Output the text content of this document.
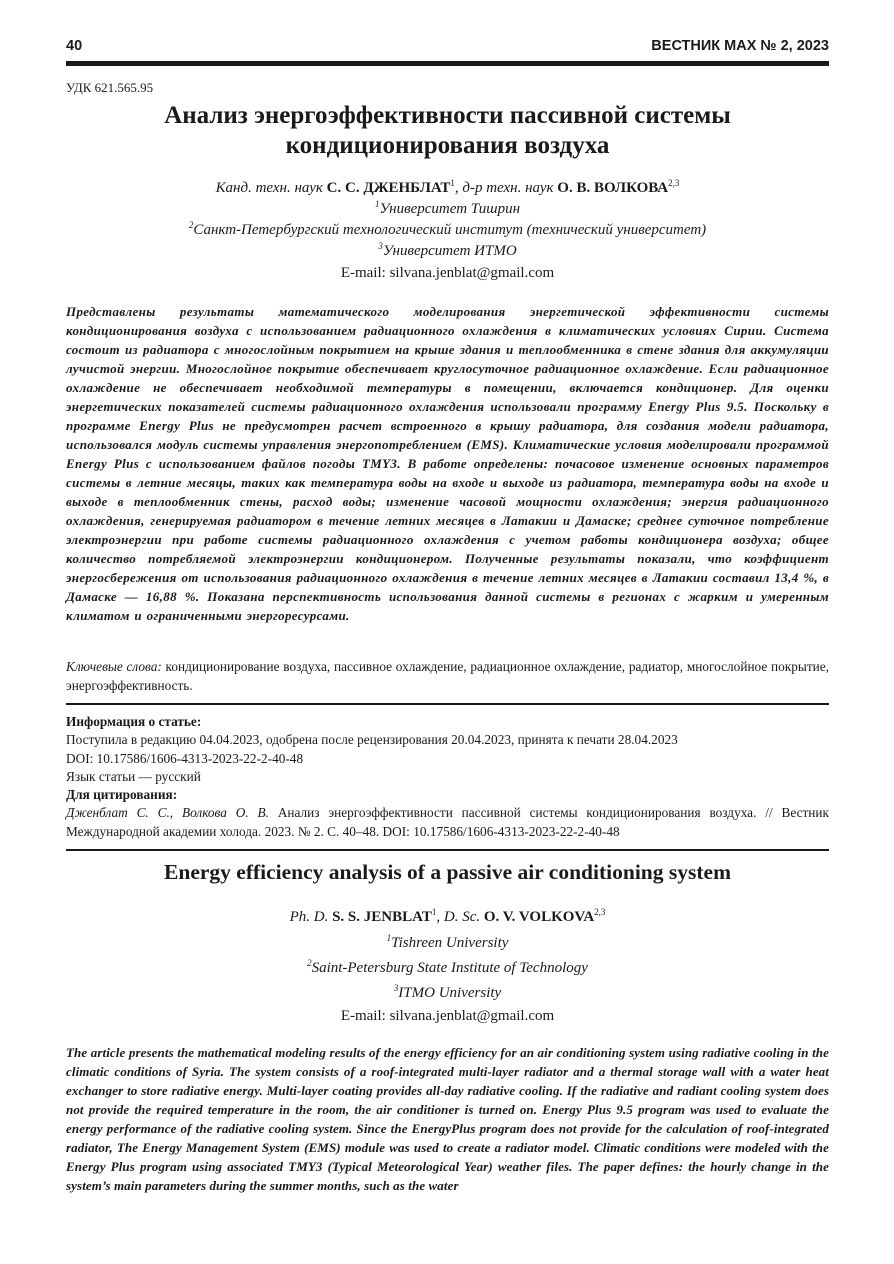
40	ВЕСТНИК МАХ № 2, 2023
УДК 621.565.95
Анализ энергоэффективности пассивной системы
кондиционирования воздуха
Канд. техн. наук С. С. ДЖЕНБЛАТ$^1$, д-р техн. наук О. В. ВОЛКОВА$^{2,3}$
$^1$Университет Тишрин
$^2$Санкт-Петербургский технологический институт (технический университет)
$^3$Университет ИТМО
E-mail: silvana.jenblat@gmail.com
Представлены результаты математического моделирования энергетической эффективности системы кондиционирования воздуха с использованием радиационного охлаждения в климатических условиях Сирии. Система состоит из радиатора с многослойным покрытием на крыше здания и теплообменника в стене здания для аккумуляции лучистой энергии. Многослойное покрытие обеспечивает круглосуточное радиационное охлаждение. Если радиационное охлаждение не обеспечивает необходимой температуры в помещении, включается кондиционер. Для оценки энергетических показателей системы радиационного охлаждения использовали программу Energy Plus 9.5. Поскольку в программе Energy Plus не предусмотрен расчет встроенного в крышу радиатора, для создания модели радиатора, использовался модуль системы управления энергопотреблением (EMS). Климатические условия моделировали программой Energy Plus с использованием файлов погоды TMY3. В работе определены: почасовое изменение основных параметров системы в летние месяцы, таких как температура воды на входе и выходе из радиатора, температура воды на входе и выходе в теплообменник стены, расход воды; изменение часовой мощности охлаждения; энергия радиационного охлаждения, генерируемая радиатором в течение летних месяцев в Латакии и Дамаске; среднее суточное потребление электроэнергии при работе системы радиационного охлаждения с учетом работы кондиционера воздуха; общее количество потребляемой электроэнергии кондиционером. Полученные результаты показали, что коэффициент энергосбережения от использования радиационного охлаждения в течение летних месяцев в Латакии составил 13,4 %, в Дамаске — 16,88 %. Показана перспективность использования данной системы в регионах с жарким и умеренным климатом и ограниченными энергоресурсами.
Ключевые слова: кондиционирование воздуха, пассивное охлаждение, радиационное охлаждение, радиатор, многослойное покрытие, энергоэффективность.
Информация о статье:
Поступила в редакцию 04.04.2023, одобрена после рецензирования 20.04.2023, принята к печати 28.04.2023
DOI: 10.17586/1606-4313-2023-22-2-40-48
Язык статьи — русский
Для цитирования:
Дженблат С. С., Волкова О. В. Анализ энергоэффективности пассивной системы кондиционирования воздуха. // Вестник Международной академии холода. 2023. № 2. С. 40–48. DOI: 10.17586/1606-4313-2023-22-2-40-48
Energy efficiency analysis of a passive air conditioning system
Ph. D. S. S. JENBLAT$^1$, D. Sc. O. V. VOLKOVA$^{2,3}$
$^1$Tishreen University
$^2$Saint-Petersburg State Institute of Technology
$^3$ITMO University
E-mail: silvana.jenblat@gmail.com
The article presents the mathematical modeling results of the energy efficiency for an air conditioning system using radiative cooling in the climatic conditions of Syria. The system consists of a roof-integrated multi-layer radiator and a thermal storage wall with a water heat exchanger to store radiative energy. Multi-layer coating provides all-day radiative cooling. If the radiative and radiant cooling system does not provide the required temperature in the room, the air conditioner is turned on. Energy Plus 9.5 program was used to evaluate the energy performance of the radiative cooling system. Since the EnergyPlus program does not provide for the calculation of roof-integrated radiator, The Energy Management System (EMS) module was used to create a radiator model. Climatic conditions were modeled with the Energy Plus program using associated TMY3 (Typical Meteorological Year) weather files. The paper defines: the hourly change in the system’s main parameters during the summer months, such as the water
